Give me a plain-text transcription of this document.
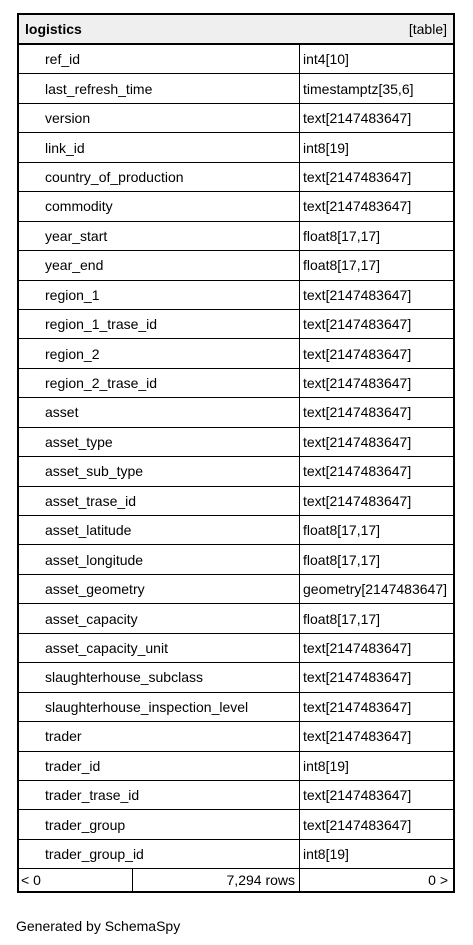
logistics	[table]
ref_id	int4[10]
last_refresh_time	timestamptz[35,6]
version	text[2147483647]
link_id	int8[19]
country_of_production	text[2147483647]
commodity	text[2147483647]
year_start	float8[17,17]
year_end	float8[17,17]
region_1	text[2147483647]
region_1_trase_id	text[2147483647]
region_2	text[2147483647]
region_2_trase_id	text[2147483647]
asset	text[2147483647]
asset_type	text[2147483647]
asset_sub_type	text[2147483647]
asset_trase_id	text[2147483647]
asset_latitude	float8[17,17]
asset_longitude	float8[17,17]
asset_geometry	geometry[2147483647]
asset_capacity	float8[17,17]
asset_capacity_unit	text[2147483647]
slaughterhouse_subclass	text[2147483647]
slaughterhouse_inspection_level	text[2147483647]
trader	text[2147483647]
trader_id	int8[19]
trader_trase_id	text[2147483647]
trader_group	text[2147483647]
trader_group_id	int8[19]
< 0	7,294 rows	0 >
Generated by SchemaSpy
